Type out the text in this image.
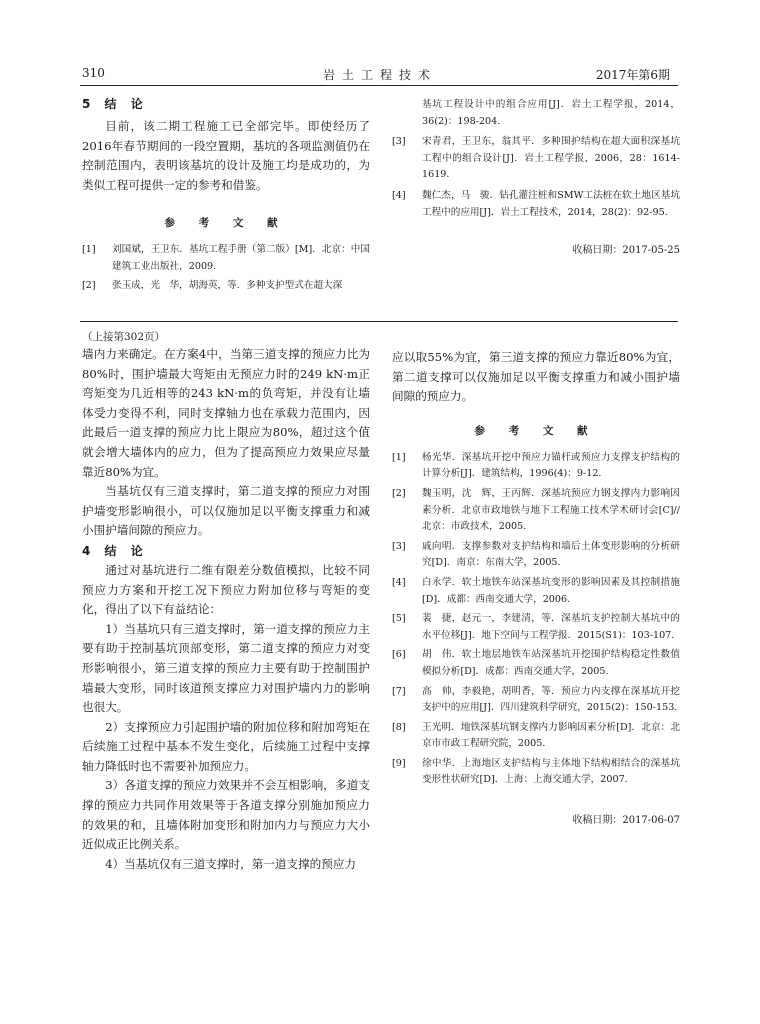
310	岩土工程技术	2017年第6期
5 结 论

目前，该二期工程施工已全部完毕。即使经历了2016年春节期间的一段空置期，基坑的各项监测值仍在控制范围内，表明该基坑的设计及施工均是成功的，为类似工程可提供一定的参考和借鉴。

参 考 文 献
[1]	刘国斌，王卫东．基坑工程手册（第二版）[M]．北京：中国建筑工业出版社，2009.
[2]	张玉成，光　华，胡海英，等．多种支护型式在超大深
基坑工程设计中的组合应用[J]．岩土工程学报，2014，36(2)：198-204.
[3]	宋青君，王卫东，翁其平．多种围护结构在超大面积深基坑工程中的组合设计[J]．岩土工程学报，2006，28：1614-1619.
[4]	魏仁杰，马　骏．钻孔灌注桩和SMW工法桩在软土地区基坑工程中的应用[J]．岩土工程技术，2014，28(2)：92-95.
收稿日期：2017-05-25
（上接第302页）

墙内力来确定。在方案4中，当第三道支撑的预应力比为80%时，围护墙最大弯矩由无预应力时的249 kN·m正弯矩变为几近相等的243 kN·m的负弯矩，并没有让墙体受力变得不利，同时支撑轴力也在承载力范围内，因此最后一道支撑的预应力比上限应为80%，超过这个值就会增大墙体内的应力，但为了提高预应力效果应尽量靠近80%为宜。

当基坑仅有三道支撑时，第二道支撑的预应力对围护墙变形影响很小，可以仅施加足以平衡支撑重力和减小围护墙间隙的预应力。

4 结 论

通过对基坑进行二维有限差分数值模拟，比较不同预应力方案和开挖工况下预应力附加位移与弯矩的变化，得出了以下有益结论：

1）当基坑只有三道支撑时，第一道支撑的预应力主要有助于控制基坑顶部变形，第二道支撑的预应力对变形影响很小，第三道支撑的预应力主要有助于控制围护墙最大变形，同时该道预支撑应力对围护墙内力的影响也很大。

2）支撑预应力引起围护墙的附加位移和附加弯矩在后续施工过程中基本不发生变化，后续施工过程中支撑轴力降低时也不需要补加预应力。

3）各道支撑的预应力效果并不会互相影响，多道支撑的预应力共同作用效果等于各道支撑分别施加预应力的效果的和，且墙体附加变形和附加内力与预应力大小近似成正比例关系。

4）当基坑仅有三道支撑时，第一道支撑的预应力

应以取55%为宜，第三道支撑的预应力靠近80%为宜，第二道支撑可以仅施加足以平衡支撑重力和减小围护墙间隙的预应力。

参 考 文 献
[1]	杨光华．深基坑开挖中预应力锚杆或预应力支撑支护结构的计算分析[J]．建筑结构，1996(4)：9-12.
[2]	魏玉明，沈　辉，王丙辉．深基坑预应力钢支撑内力影响因素分析．北京市政地铁与地下工程施工技术学术研讨会[C]//北京：市政技术，2005.
[3]	戚向明．支撑参数对支护结构和墙后土体变形影响的分析研究[D]．南京：东南大学，2005.
[4]	白永学．软土地铁车站深基坑变形的影响因素及其控制措施[D]．成都：西南交通大学，2006.
[5]	裴　捷，赵元一，李建清，等．深基坑支护控制大基坑中的水平位移[J]．地下空间与工程学报．2015(S1)：103-107.
[6]	胡　伟．软土地层地铁车站深基坑开挖围护结构稳定性数值模拟分析[D]．成都：西南交通大学，2005.
[7]	高　帅，李毅艳，胡明香，等．预应力内支撑在深基坑开挖支护中的应用[J]．四川建筑科学研究，2015(2)：150-153.
[8]	王光明．地铁深基坑钢支撑内力影响因素分析[D]．北京：北京市市政工程研究院，2005.
[9]	徐中华．上海地区支护结构与主体地下结构相结合的深基坑变形性状研究[D]．上海：上海交通大学，2007.
收稿日期：2017-06-07
